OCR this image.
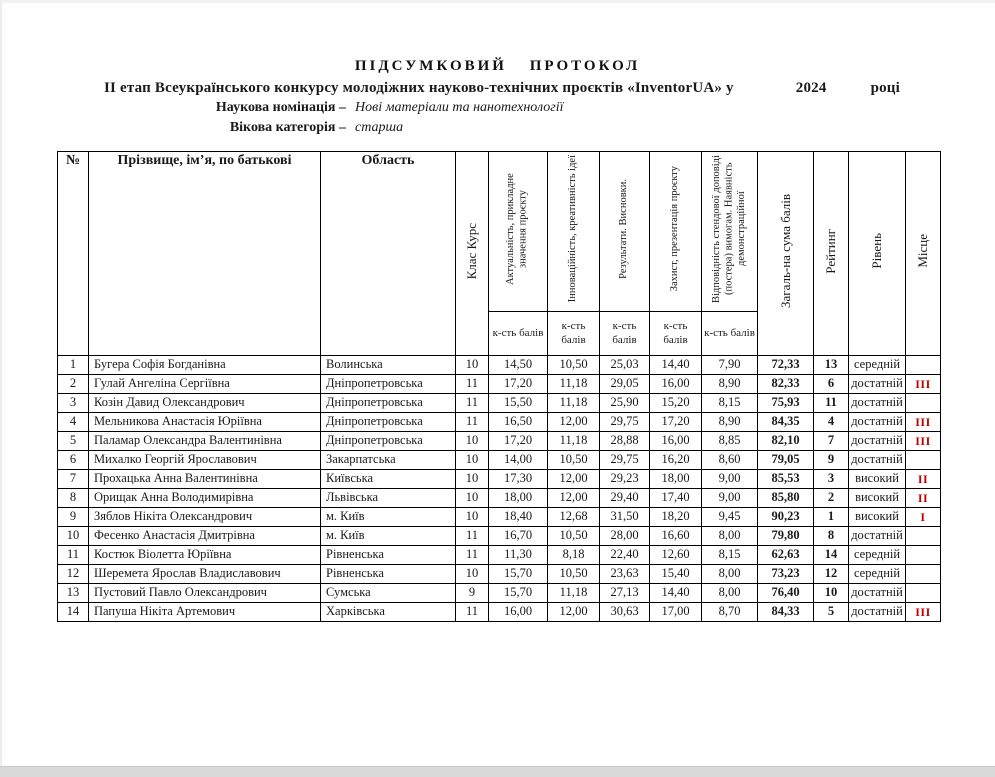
ПІДСУМКОВИЙ ПРОТОКОЛ
ІІ етап Всеукраїнського конкурсу молодіжних науково-технічних проєктів «InventorUA» у	2024	році
Наукова номінація – Нові матеріали та нанотехнології
Вікова категорія – старша
№	Прізвище, ім’я, по батькові	Область	Клас Курс	Актуальність, прикладне значення проєкту	Інноваційність, креативність ідеї	Результати. Висновки.	Захист, презентація проєкту	Відповідність стендової доповіді (постера) вимогам. Наявність демонстраційної	Загаль-на сума балів	Рейтинг	Рівень	Місце
				к-сть балів	к-сть балів	к-сть балів	к-сть балів	к-сть балів				
1	Бугера Софія Богданівна	Волинська	10	14,50	10,50	25,03	14,40	7,90	72,33	13	середній	
2	Гулай Ангеліна Сергіївна	Дніпропетровська	11	17,20	11,18	29,05	16,00	8,90	82,33	6	достатній	III
3	Козін Давид Олександрович	Дніпропетровська	11	15,50	11,18	25,90	15,20	8,15	75,93	11	достатній	
4	Мельникова Анастасія Юріївна	Дніпропетровська	11	16,50	12,00	29,75	17,20	8,90	84,35	4	достатній	III
5	Паламар Олександра Валентинівна	Дніпропетровська	10	17,20	11,18	28,88	16,00	8,85	82,10	7	достатній	III
6	Михалко Георгій Ярославович	Закарпатська	10	14,00	10,50	29,75	16,20	8,60	79,05	9	достатній	
7	Прохацька Анна Валентинівна	Київська	10	17,30	12,00	29,23	18,00	9,00	85,53	3	високий	II
8	Орищак Анна Володимирівна	Львівська	10	18,00	12,00	29,40	17,40	9,00	85,80	2	високий	II
9	Зяблов Нікіта Олександрович	м. Київ	10	18,40	12,68	31,50	18,20	9,45	90,23	1	високий	I
10	Фесенко Анастасія Дмитрівна	м. Київ	11	16,70	10,50	28,00	16,60	8,00	79,80	8	достатній	
11	Костюк Віолетта Юріївна	Рівненська	11	11,30	8,18	22,40	12,60	8,15	62,63	14	середній	
12	Шеремета Ярослав Владиславович	Рівненська	10	15,70	10,50	23,63	15,40	8,00	73,23	12	середній	
13	Пустовий Павло Олександрович	Сумська	9	15,70	11,18	27,13	14,40	8,00	76,40	10	достатній	
14	Папуша Нікіта Артемович	Харківська	11	16,00	12,00	30,63	17,00	8,70	84,33	5	достатній	III
